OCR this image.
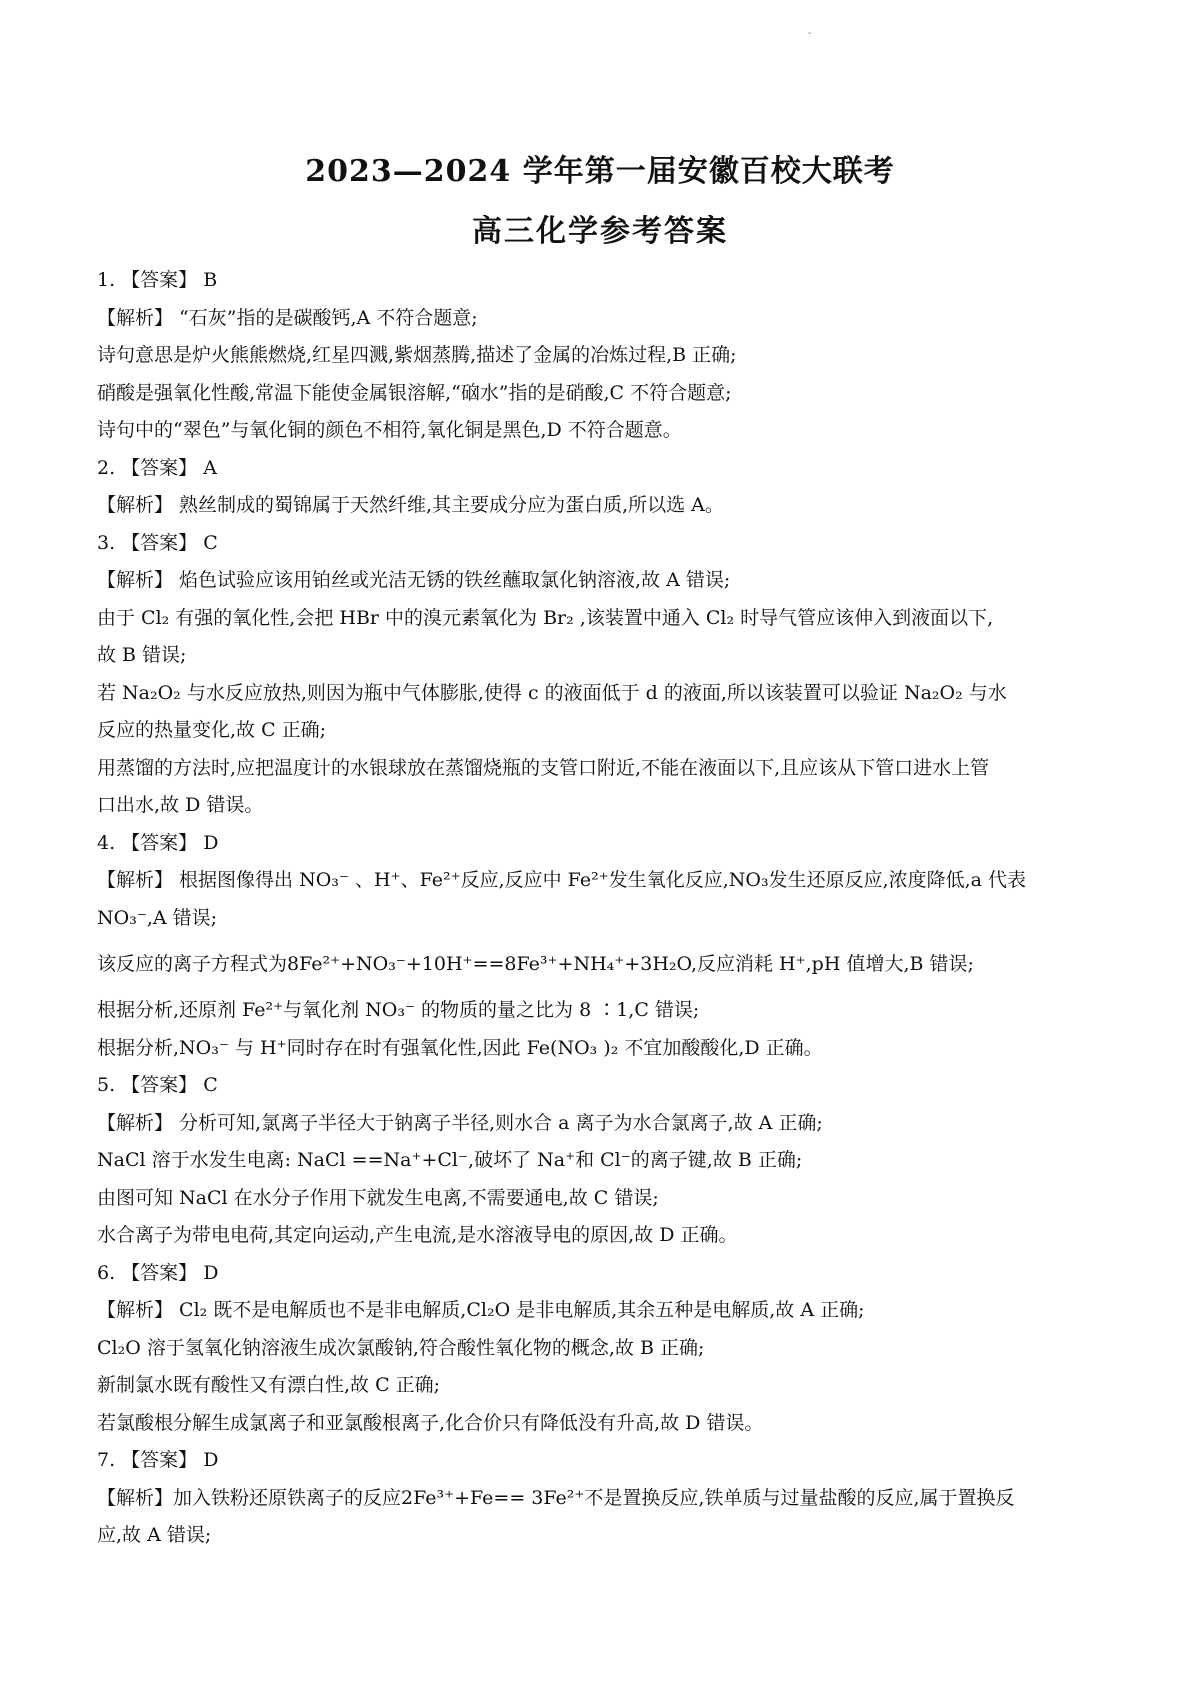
-
2023—2024 学年第一届安徽百校大联考
高三化学参考答案
1. 【答案】 B
【解析】 “石灰”指的是碳酸钙,A 不符合题意;
诗句意思是炉火熊熊燃烧,红星四溅,紫烟蒸腾,描述了金属的冶炼过程,B 正确;
硝酸是强氧化性酸,常温下能使金属银溶解,“硇水”指的是硝酸,C 不符合题意;
诗句中的“翠色”与氧化铜的颜色不相符,氧化铜是黑色,D 不符合题意。
2. 【答案】 A
【解析】 熟丝制成的蜀锦属于天然纤维,其主要成分应为蛋白质,所以选 A。
3. 【答案】 C
【解析】 焰色试验应该用铂丝或光洁无锈的铁丝蘸取氯化钠溶液,故 A 错误;
由于 Cl₂ 有强的氧化性,会把 HBr 中的溴元素氧化为 Br₂ ,该装置中通入 Cl₂ 时导气管应该伸入到液面以下,
故 B 错误;
若 Na₂O₂ 与水反应放热,则因为瓶中气体膨胀,使得 c 的液面低于 d 的液面,所以该装置可以验证 Na₂O₂ 与水
反应的热量变化,故 C 正确;
用蒸馏的方法时,应把温度计的水银球放在蒸馏烧瓶的支管口附近,不能在液面以下,且应该从下管口进水上管
口出水,故 D 错误。
4. 【答案】 D
【解析】 根据图像得出 NO₃⁻ 、H⁺、Fe²⁺反应,反应中 Fe²⁺发生氧化反应,NO₃发生还原反应,浓度降低,a 代表
NO₃⁻,A 错误;
该反应的离子方程式为8Fe²⁺+NO₃⁻+10H⁺==8Fe³⁺+NH₄⁺+3H₂O,反应消耗 H⁺,pH 值增大,B 错误;
根据分析,还原剂 Fe²⁺与氧化剂 NO₃⁻ 的物质的量之比为 8 ∶1,C 错误;
根据分析,NO₃⁻ 与 H⁺同时存在时有强氧化性,因此 Fe(NO₃ )₂ 不宜加酸酸化,D 正确。
5. 【答案】 C
【解析】 分析可知,氯离子半径大于钠离子半径,则水合 a 离子为水合氯离子,故 A 正确;
NaCl 溶于水发生电离: NaCl ==Na⁺+Cl⁻,破坏了 Na⁺和 Cl⁻的离子键,故 B 正确;
由图可知 NaCl 在水分子作用下就发生电离,不需要通电,故 C 错误;
水合离子为带电电荷,其定向运动,产生电流,是水溶液导电的原因,故 D 正确。
6. 【答案】 D
【解析】 Cl₂ 既不是电解质也不是非电解质,Cl₂O 是非电解质,其余五种是电解质,故 A 正确;
Cl₂O 溶于氢氧化钠溶液生成次氯酸钠,符合酸性氧化物的概念,故 B 正确;
新制氯水既有酸性又有漂白性,故 C 正确;
若氯酸根分解生成氯离子和亚氯酸根离子,化合价只有降低没有升高,故 D 错误。
7. 【答案】 D
【解析】加入铁粉还原铁离子的反应2Fe³⁺+Fe== 3Fe²⁺不是置换反应,铁单质与过量盐酸的反应,属于置换反
应,故 A 错误;
